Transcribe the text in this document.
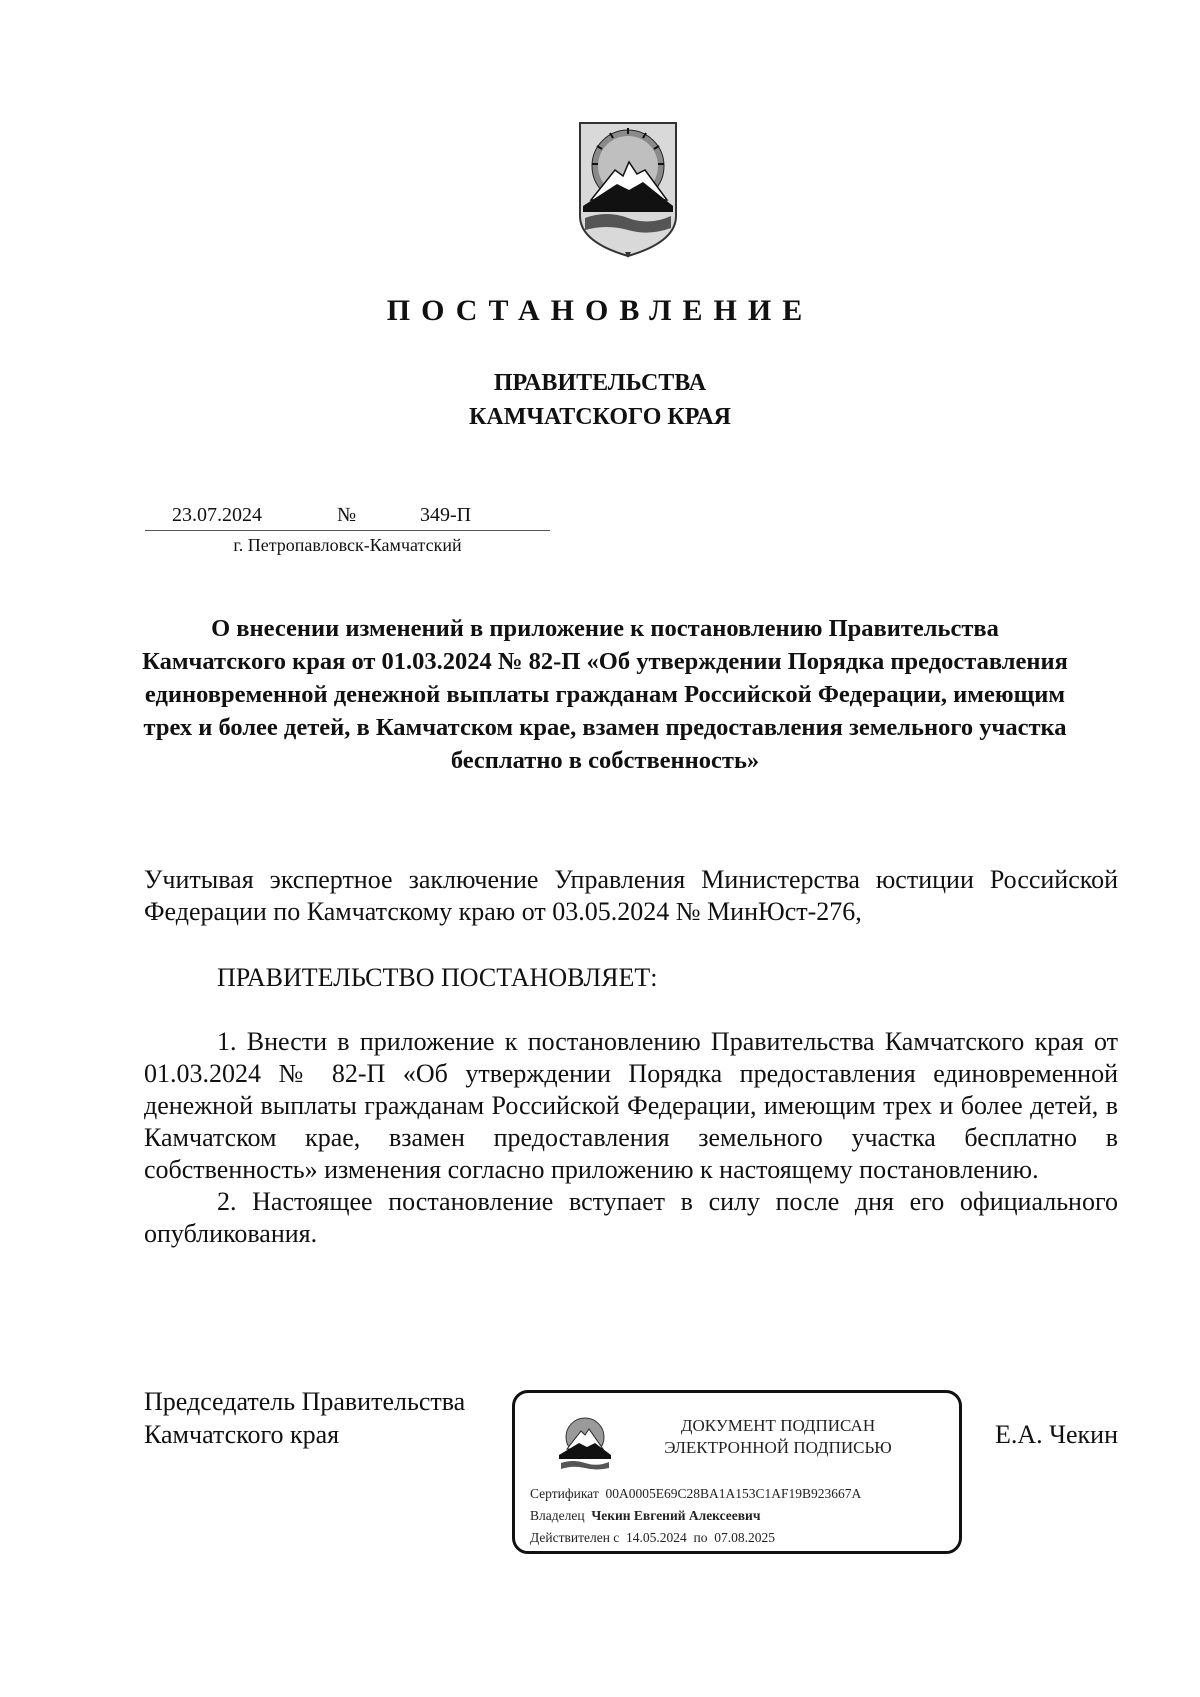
ПОСТАНОВЛЕНИЕ
ПРАВИТЕЛЬСТВА
КАМЧАТСКОГО КРАЯ
23.07.2024	№	349-П
г. Петропавловск-Камчатский
О внесении изменений в приложение к постановлению Правительства Камчатского края от 01.03.2024 № 82-П «Об утверждении Порядка предоставления единовременной денежной выплаты гражданам Российской Федерации, имеющим трех и более детей, в Камчатском крае, взамен предоставления земельного участка бесплатно в собственность»
Учитывая экспертное заключение Управления Министерства юстиции Российской Федерации по Камчатскому краю от 03.05.2024 № МинЮст-276,
ПРАВИТЕЛЬСТВО ПОСТАНОВЛЯЕТ:

1. Внести в приложение к постановлению Правительства Камчатского края от 01.03.2024 № 82-П «Об утверждении Порядка предоставления единовременной денежной выплаты гражданам Российской Федерации, имеющим трех и более детей, в Камчатском крае, взамен предоставления земельного участка бесплатно в собственность» изменения согласно приложению к настоящему постановлению.

2. Настоящее постановление вступает в силу после дня его официального опубликования.

Председатель Правительства
Камчатского края	ДОКУМЕНТ ПОДПИСАН
ЭЛЕКТРОННОЙ ПОДПИСЬЮ
Сертификат 00A0005E69C28BA1A153C1AF19B923667A
Владелец Чекин Евгений Алексеевич
Действителен с 14.05.2024 по 07.08.2025
Е.А. Чекин
